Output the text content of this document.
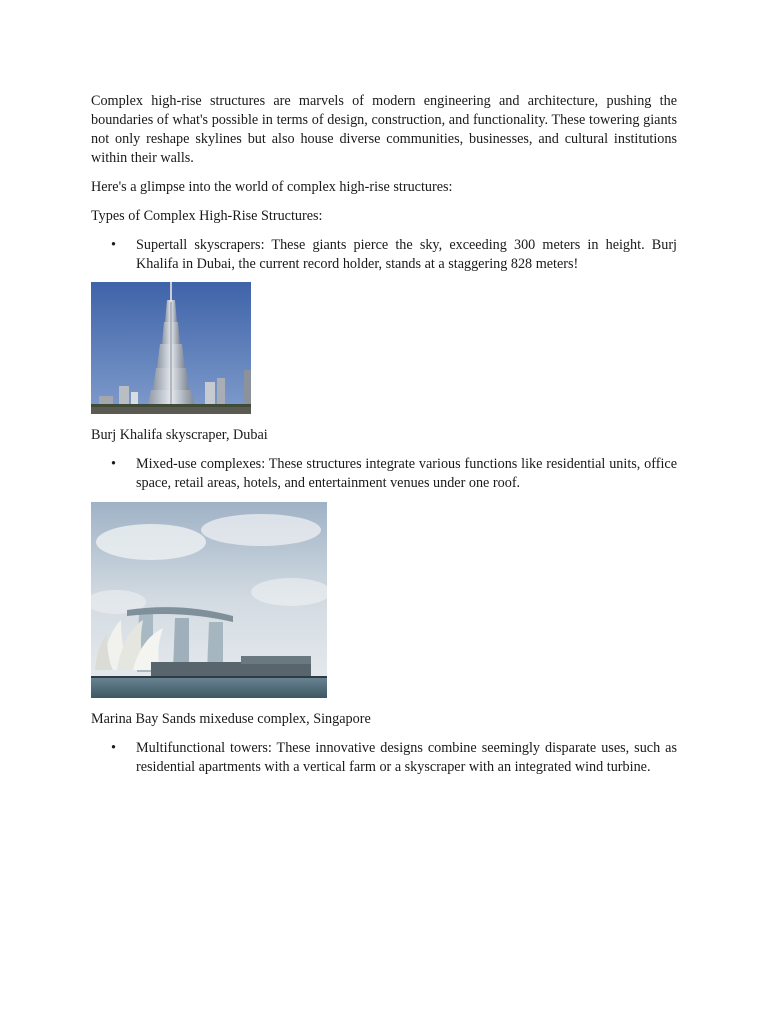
Complex high-rise structures are marvels of modern engineering and architecture, pushing the boundaries of what's possible in terms of design, construction, and functionality. These towering giants not only reshape skylines but also house diverse communities, businesses, and cultural institutions within their walls.

Here's a glimpse into the world of complex high-rise structures:

Types of Complex High-Rise Structures:

• Supertall skyscrapers: These giants pierce the sky, exceeding 300 meters in height. Burj Khalifa in Dubai, the current record holder, stands at a staggering 828 meters!

Burj Khalifa skyscraper, Dubai

• Mixed-use complexes: These structures integrate various functions like residential units, office space, retail areas, hotels, and entertainment venues under one roof.

Marina Bay Sands mixeduse complex, Singapore

• Multifunctional towers: These innovative designs combine seemingly disparate uses, such as residential apartments with a vertical farm or a skyscraper with an integrated wind turbine.
